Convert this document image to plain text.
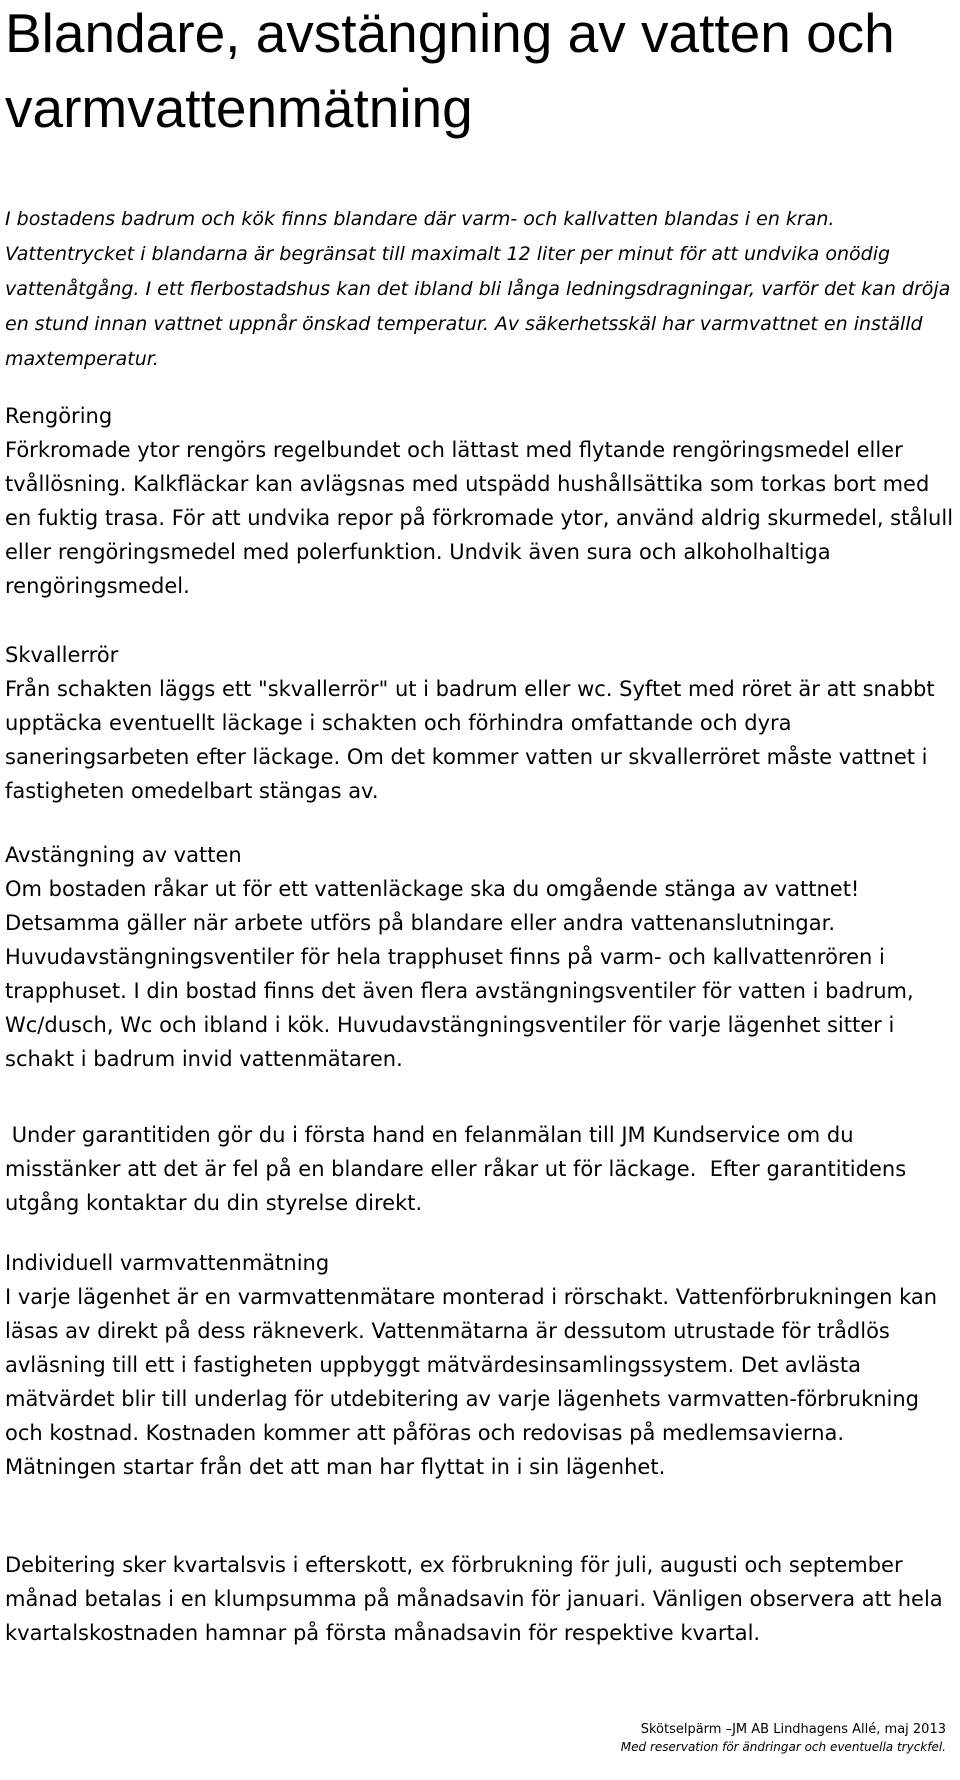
Blandare, avstängning av vatten och varmvattenmätning

I bostadens badrum och kök finns blandare där varm- och kallvatten blandas i en kran. Vattentrycket i blandarna är begränsat till maximalt 12 liter per minut för att undvika onödig vattenåtgång. I ett flerbostadshus kan det ibland bli långa ledningsdragningar, varför det kan dröja en stund innan vattnet uppnår önskad temperatur. Av säkerhetsskäl har varmvattnet en inställd maxtemperatur.

Rengöring

Förkromade ytor rengörs regelbundet och lättast med flytande rengöringsmedel eller tvållösning. Kalkfläckar kan avlägsnas med utspädd hushållsättika som torkas bort med en fuktig trasa. För att undvika repor på förkromade ytor, använd aldrig skurmedel, stålull eller rengöringsmedel med polerfunktion. Undvik även sura och alkoholhaltiga rengöringsmedel.

Skvallerrör

Från schakten läggs ett "skvallerrör" ut i badrum eller wc. Syftet med röret är att snabbt upptäcka eventuellt läckage i schakten och förhindra omfattande och dyra saneringsarbeten efter läckage. Om det kommer vatten ur skvallerröret måste vattnet i fastigheten omedelbart stängas av.

Avstängning av vatten

Om bostaden råkar ut för ett vattenläckage ska du omgående stänga av vattnet! Detsamma gäller när arbete utförs på blandare eller andra vattenanslutningar. Huvudavstängningsventiler för hela trapphuset finns på varm- och kallvattenrören i trapphuset. I din bostad finns det även flera avstängningsventiler för vatten i badrum, Wc/dusch, Wc och ibland i kök. Huvudavstängningsventiler för varje lägenhet sitter i schakt i badrum invid vattenmätaren.

Under garantitiden gör du i första hand en felanmälan till JM Kundservice om du misstänker att det är fel på en blandare eller råkar ut för läckage.  Efter garantitidens utgång kontaktar du din styrelse direkt.

Individuell varmvattenmätning

I varje lägenhet är en varmvattenmätare monterad i rörschakt. Vattenförbrukningen kan läsas av direkt på dess räkneverk. Vattenmätarna är dessutom utrustade för trådlös avläsning till ett i fastigheten uppbyggt mätvärdesinsamlingssystem. Det avlästa mätvärdet blir till underlag för utdebitering av varje lägenhets varmvatten-förbrukning och kostnad. Kostnaden kommer att påföras och redovisas på medlemsavierna. Mätningen startar från det att man har flyttat in i sin lägenhet.

Debitering sker kvartalsvis i efterskott, ex förbrukning för juli, augusti och september månad betalas i en klumpsumma på månadsavin för januari. Vänligen observera att hela kvartalskostnaden hamnar på första månadsavin för respektive kvartal.

Skötselpärm –JM AB Lindhagens Allé, maj 2013
Med reservation för ändringar och eventuella tryckfel.
